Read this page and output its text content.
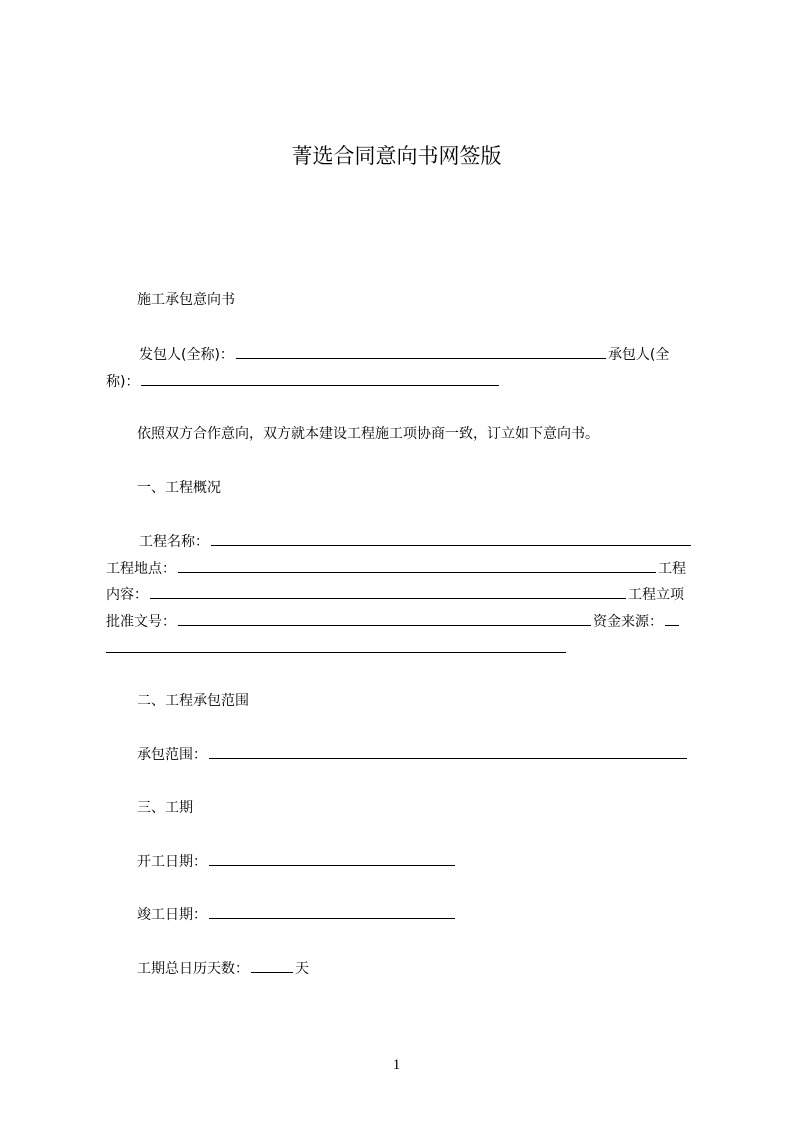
菁选合同意向书网签版
施工承包意向书
发包人(全称)：	承包人(全
称)：
依照双方合作意向，双方就本建设工程施工项协商一致，订立如下意向书。
一、工程概况
工程名称：
工程地点：	工程
内容：	工程立项
批准文号：	资金来源：
二、工程承包范围
承包范围：
三、工期
开工日期：
竣工日期：
工期总日历天数：	天
1
